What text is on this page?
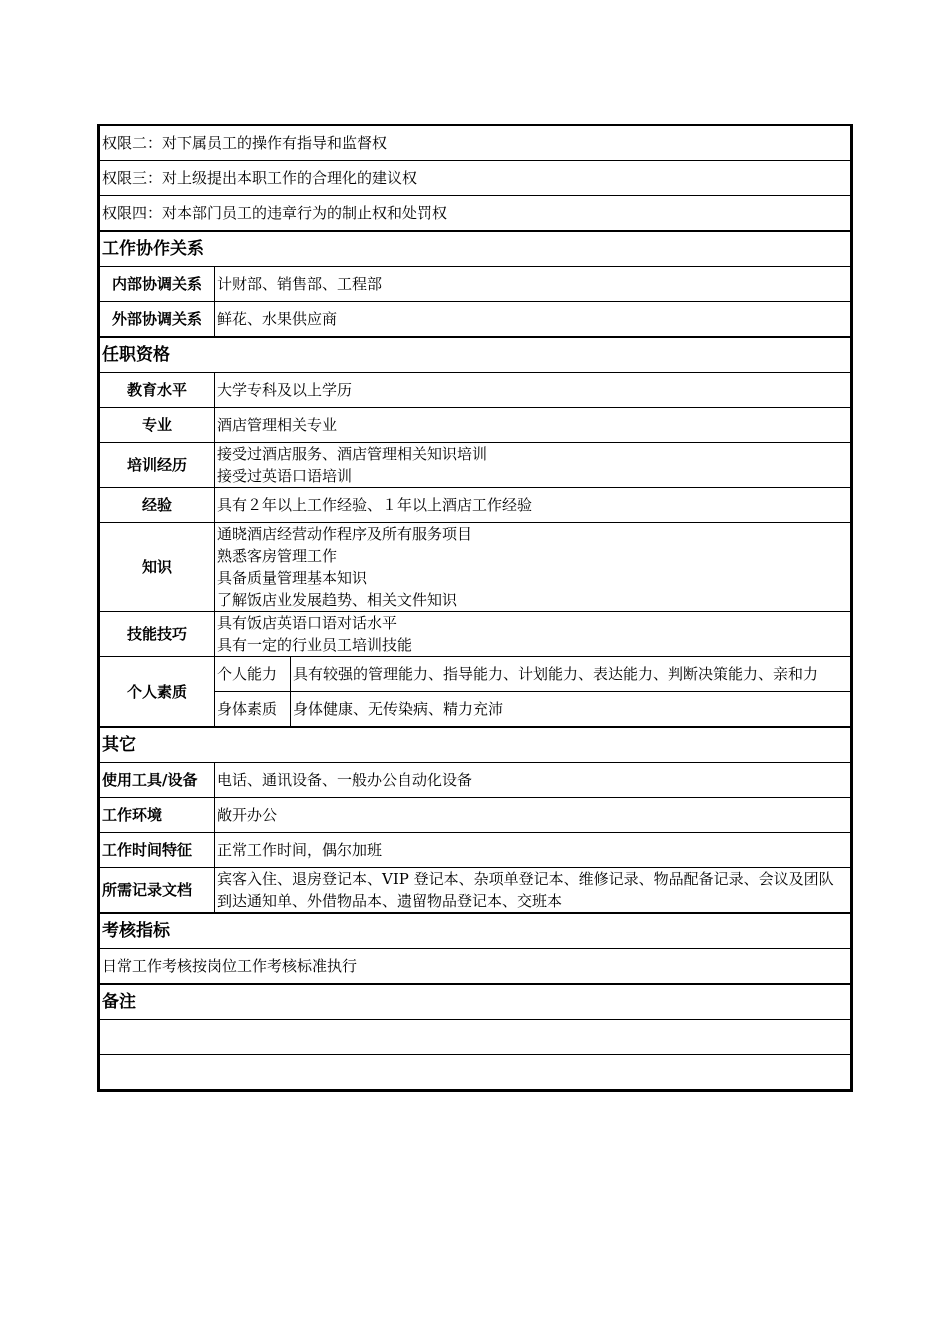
权限二：对下属员工的操作有指导和监督权		
权限三：对上级提出本职工作的合理化的建议权		
权限四：对本部门员工的违章行为的制止权和处罚权		
工作协作关系		
内部协调关系	计财部、销售部、工程部	
外部协调关系	鲜花、水果供应商	
任职资格		
教育水平	大学专科及以上学历	
专业	酒店管理相关专业	
培训经历	接受过酒店服务、酒店管理相关知识培训
接受过英语口语培训	

经验	具有２年以上工作经验、１年以上酒店工作经验	
知识	通晓酒店经营动作程序及所有服务项目
熟悉客房管理工作
具备质量管理基本知识
了解饭店业发展趋势、相关文件知识	

技能技巧	具有饭店英语口语对话水平
具有一定的行业员工培训技能	

个人素质	个人能力	具有较强的管理能力、指导能力、计划能力、表达能力、判断决策能力、亲和力
	身体素质	身体健康、无传染病、精力充沛
其它		
使用工具/设备	电话、通讯设备、一般办公自动化设备	
工作环境	敞开办公	
工作时间特征	正常工作时间，偶尔加班	
所需记录文档	宾客入住、退房登记本、VIP 登记本、杂项单登记本、维修记录、物品配备记录、会议及团队到达通知单、外借物品本、遗留物品登记本、交班本	
考核指标		
日常工作考核按岗位工作考核标准执行		
备注		
